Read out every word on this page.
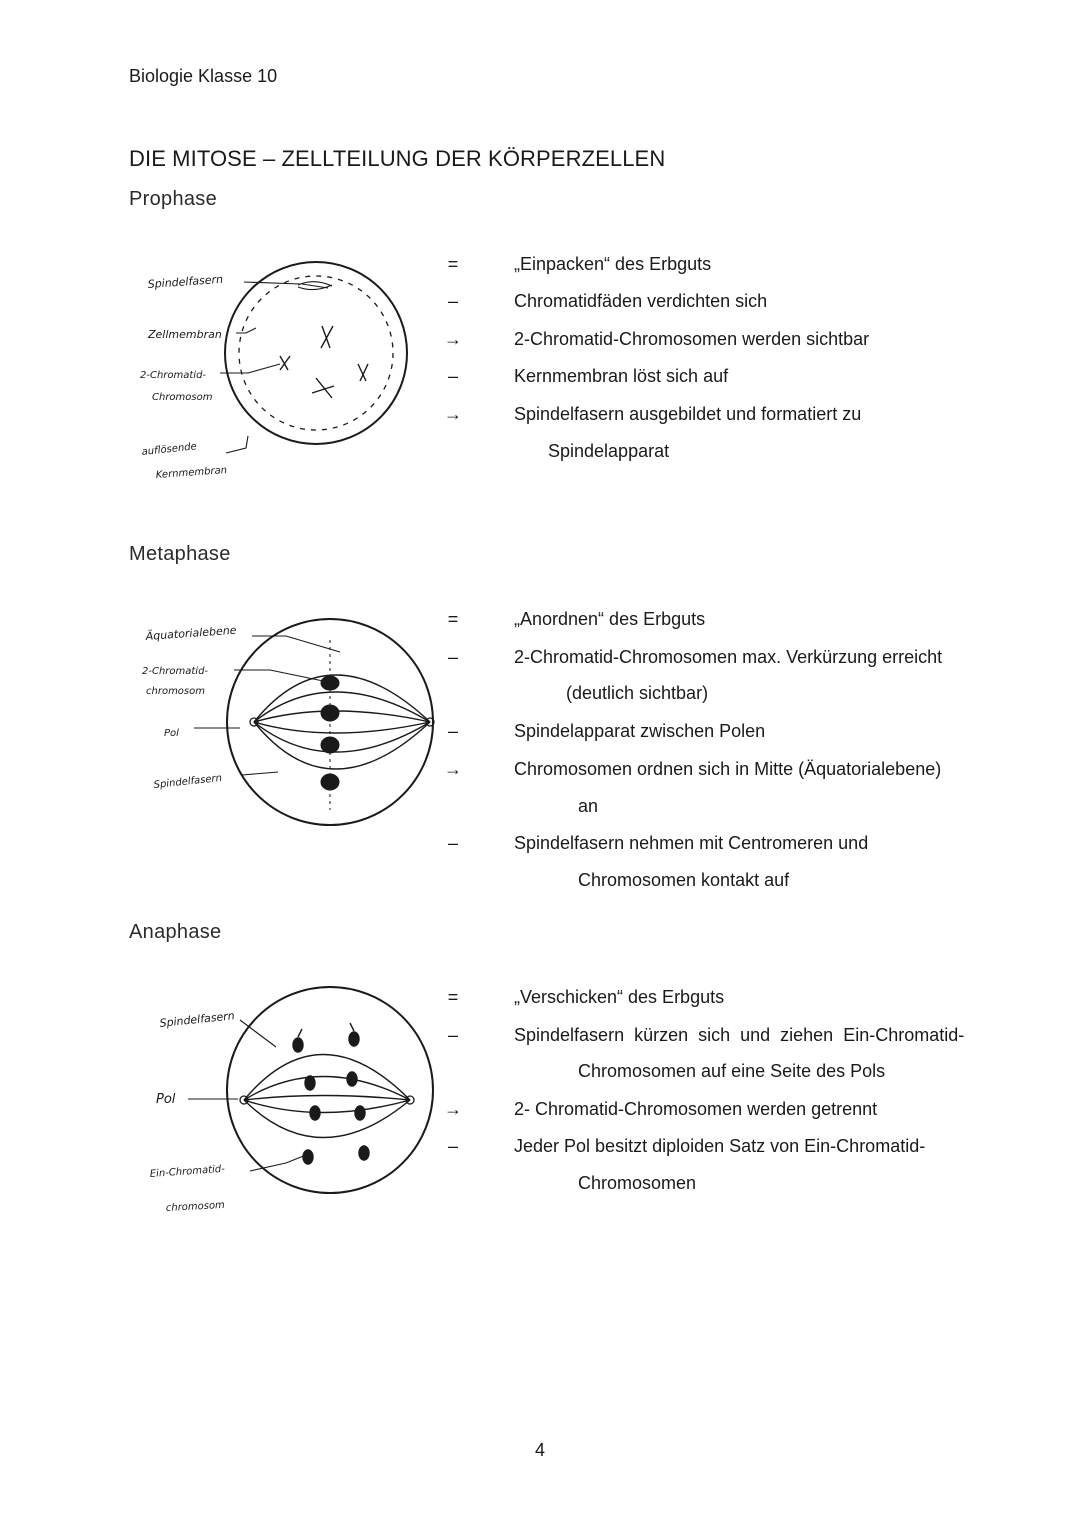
Biologie Klasse 10
DIE MITOSE – ZELLTEILUNG DER KÖRPERZELLEN
Prophase
Spindelfasern
Zellmembran
2-Chromatid-
Chromosom
auflösende
Kernmembran
=	„Einpacken“ des Erbguts
–	Chromatidfäden verdichten sich
→	2-Chromatid-Chromosomen werden sichtbar
–	Kernmembran löst sich auf
→	Spindelfasern ausgebildet und formatiert zu
Spindelapparat
Metaphase
Äquatorialebene
2-Chromatid-
chromosom
Pol
Spindelfasern
=	„Anordnen“ des Erbguts
–	2-Chromatid-Chromosomen max. Verkürzung erreicht
(deutlich sichtbar)
–	Spindelapparat zwischen Polen
→	Chromosomen ordnen sich in Mitte (Äquatorialebene)
an
–	Spindelfasern nehmen mit Centromeren und
Chromosomen kontakt auf
Anaphase
Spindelfasern
Pol
Ein-Chromatid-
chromosom
=	„Verschicken“ des Erbguts
–	Spindelfasern  kürzen  sich  und  ziehen  Ein-Chromatid-
Chromosomen auf eine Seite des Pols
→	2- Chromatid-Chromosomen werden getrennt
–	Jeder Pol besitzt diploiden Satz von Ein-Chromatid-
Chromosomen
4
